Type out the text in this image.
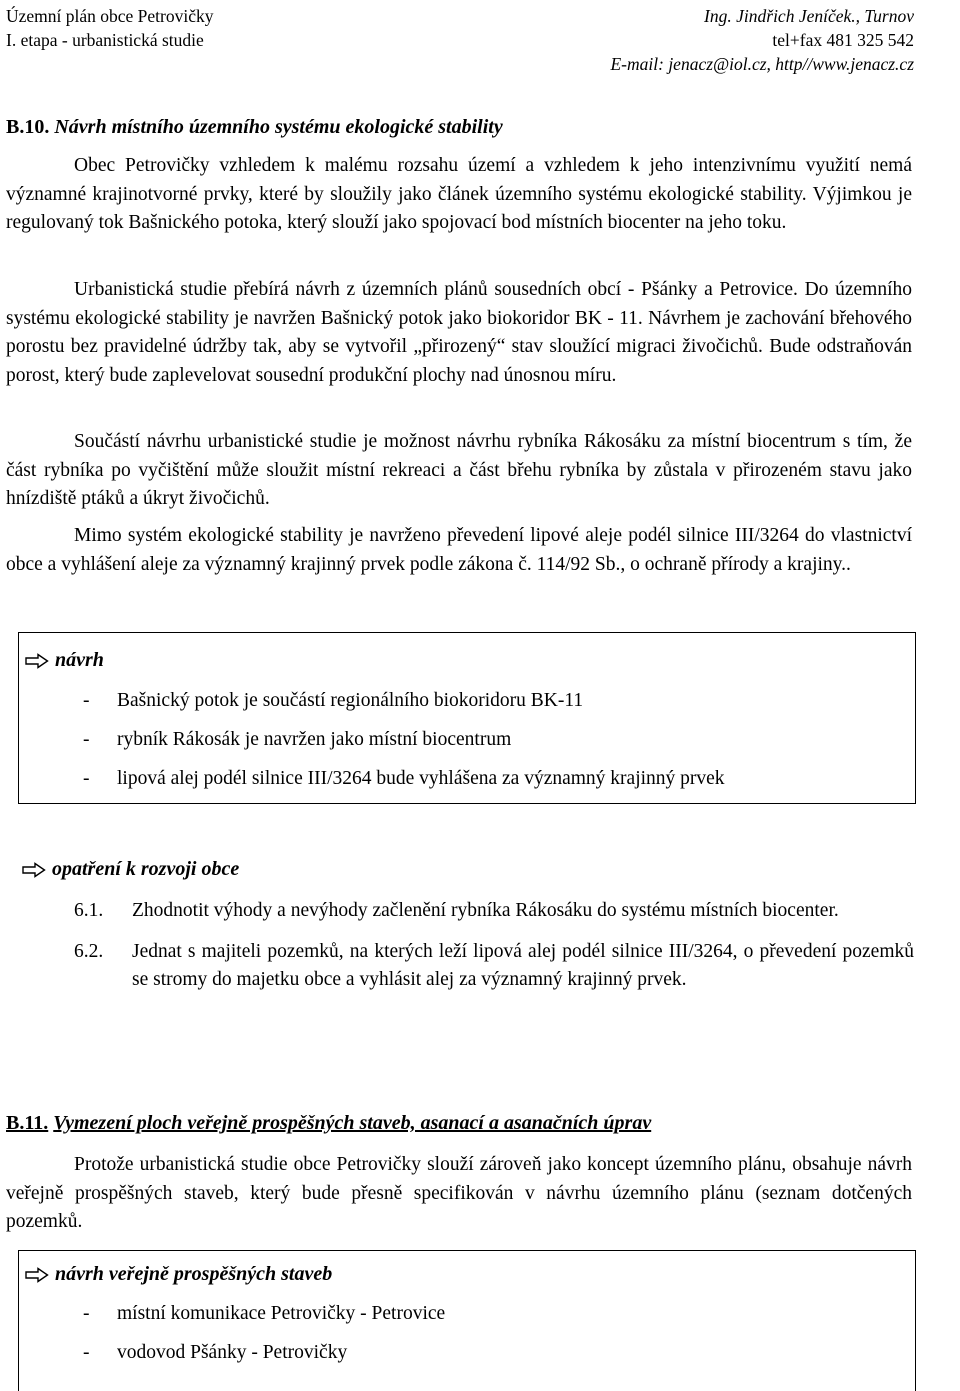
Územní plán obce Petrovičky
I. etapa - urbanistická studie
Ing. Jindřich Jeníček., Turnov
tel+fax 481 325 542
E-mail: jenacz@iol.cz, http//www.jenacz.cz
B.10. Návrh místního územního systému ekologické stability
Obec Petrovičky vzhledem k malému rozsahu území a vzhledem k jeho intenzivnímu využití nemá významné krajinotvorné prvky, které by sloužily jako článek územního systému ekologické stability. Výjimkou je regulovaný tok Bašnického potoka, který slouží jako spojovací bod místních biocenter na jeho toku.
Urbanistická studie přebírá návrh z územních plánů sousedních obcí - Pšánky a Petrovice. Do územního systému ekologické stability je navržen Bašnický potok jako biokoridor BK - 11. Návrhem je zachování břehového porostu bez pravidelné údržby tak, aby se vytvořil „přirozený“ stav sloužící migraci živočichů. Bude odstraňován porost, který bude zaplevelovat sousední produkční plochy nad únosnou míru.
Součástí návrhu urbanistické studie je možnost návrhu rybníka Rákosáku za místní biocentrum s tím, že část rybníka po vyčištění může sloužit místní rekreaci a část břehu rybníka by zůstala v přirozeném stavu jako hnízdiště ptáků a úkryt živočichů.
Mimo systém ekologické stability je navrženo převedení lipové aleje podél silnice III/3264 do vlastnictví obce a vyhlášení aleje za významný krajinný prvek podle zákona č. 114/92 Sb., o ochraně přírody a krajiny..
návrh
-	Bašnický potok je součástí regionálního biokoridoru BK-11
-	rybník Rákosák je navržen jako místní biocentrum
-	lipová alej podél silnice III/3264 bude vyhlášena za významný krajinný prvek
opatření k rozvoji obce
6.1.	Zhodnotit výhody a nevýhody začlenění rybníka Rákosáku do systému místních biocenter.
6.2.	Jednat s majiteli pozemků, na kterých leží lipová alej podél silnice III/3264, o převedení pozemků se stromy do majetku obce a vyhlásit alej za významný krajinný prvek.
B.11. Vymezení ploch veřejně prospěšných staveb, asanací a asanačních úprav
Protože urbanistická studie obce Petrovičky slouží zároveň jako koncept územního plánu, obsahuje návrh veřejně prospěšných staveb, který bude přesně specifikován v návrhu územního plánu (seznam dotčených pozemků.
návrh veřejně prospěšných staveb
-	místní komunikace Petrovičky - Petrovice
-	vodovod Pšánky - Petrovičky
